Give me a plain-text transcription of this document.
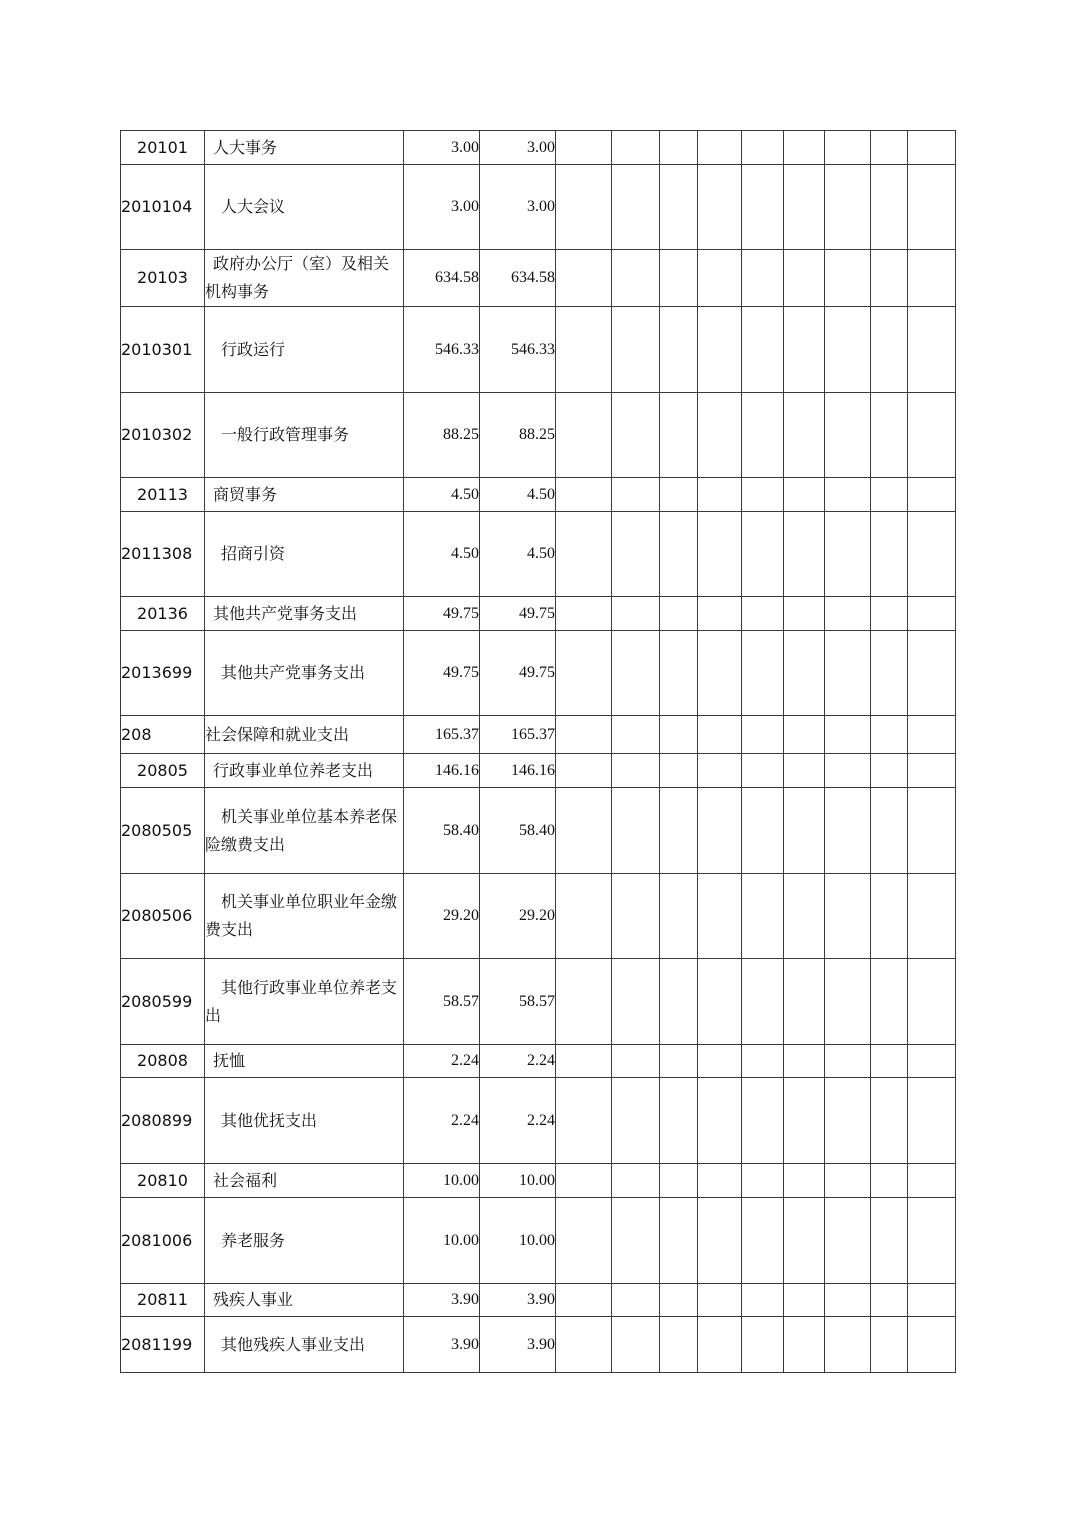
20101	人大事务	3.00	3.00									
2010104	人大会议	3.00	3.00									
20103	政府办公厅（室）及相关机构事务	634.58	634.58									
2010301	行政运行	546.33	546.33									
2010302	一般行政管理事务	88.25	88.25									
20113	商贸事务	4.50	4.50									
2011308	招商引资	4.50	4.50									
20136	其他共产党事务支出	49.75	49.75									
2013699	其他共产党事务支出	49.75	49.75									
208	社会保障和就业支出	165.37	165.37									
20805	行政事业单位养老支出	146.16	146.16									
2080505	机关事业单位基本养老保险缴费支出	58.40	58.40									
2080506	机关事业单位职业年金缴费支出	29.20	29.20									
2080599	其他行政事业单位养老支出	58.57	58.57									
20808	抚恤	2.24	2.24									
2080899	其他优抚支出	2.24	2.24									
20810	社会福利	10.00	10.00									
2081006	养老服务	10.00	10.00									
20811	残疾人事业	3.90	3.90									
2081199	其他残疾人事业支出	3.90	3.90									
